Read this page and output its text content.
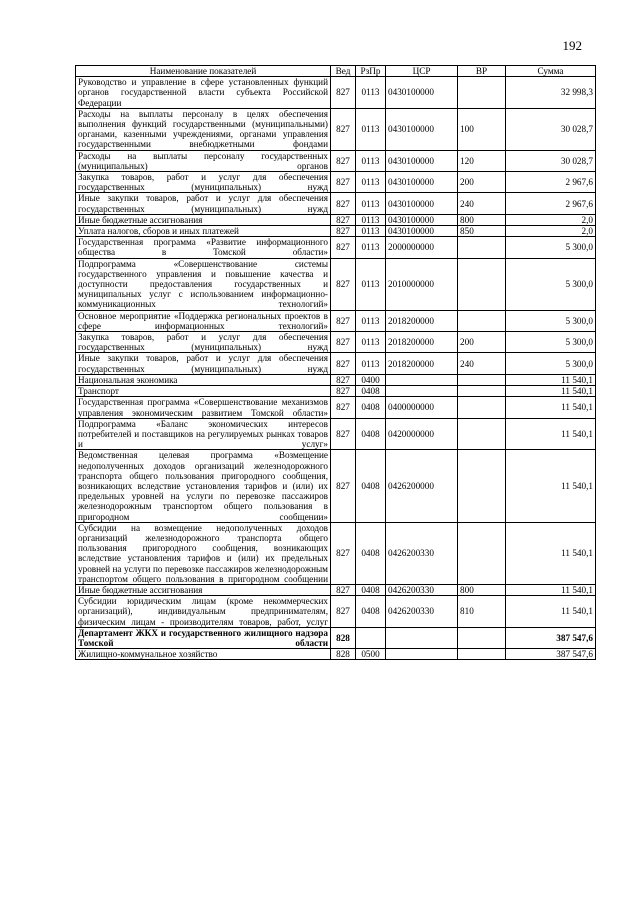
192
Наименование показателей	Вед	РзПр	ЦСР	ВР	Сумма
Руководство и управление в сфере установленных функций органов государственной власти субъекта Российской Федерации	827	0113	0430100000		32 998,3
Расходы на выплаты персоналу в целях обеспечения выполнения функций государственными (муниципальными) органами, казенными учреждениями, органами управления государственными внебюджетными фондами	827	0113	0430100000	100	30 028,7
Расходы на выплаты персоналу государственных (муниципальных) органов	827	0113	0430100000	120	30 028,7
Закупка товаров, работ и услуг для обеспечения государственных (муниципальных) нужд	827	0113	0430100000	200	2 967,6
Иные закупки товаров, работ и услуг для обеспечения государственных (муниципальных) нужд	827	0113	0430100000	240	2 967,6
Иные бюджетные ассигнования	827	0113	0430100000	800	2,0
Уплата налогов, сборов и иных платежей	827	0113	0430100000	850	2,0
Государственная программа «Развитие информационного общества в Томской области»	827	0113	2000000000		5 300,0
Подпрограмма «Совершенствование системы государственного управления и повышение качества и доступности предоставления государственных и муниципальных услуг с использованием информационно-коммуникационных технологий»	827	0113	2010000000		5 300,0
Основное мероприятие «Поддержка региональных проектов в сфере информационных технологий»	827	0113	2018200000		5 300,0
Закупка товаров, работ и услуг для обеспечения государственных (муниципальных) нужд	827	0113	2018200000	200	5 300,0
Иные закупки товаров, работ и услуг для обеспечения государственных (муниципальных) нужд	827	0113	2018200000	240	5 300,0
Национальная экономика	827	0400			11 540,1
Транспорт	827	0408			11 540,1
Государственная программа «Совершенствование механизмов управления экономическим развитием Томской области»	827	0408	0400000000		11 540,1
Подпрограмма «Баланс экономических интересов потребителей и поставщиков на регулируемых рынках товаров и услуг»	827	0408	0420000000		11 540,1
Ведомственная целевая программа «Возмещение недополученных доходов организаций железнодорожного транспорта общего пользования пригородного сообщения, возникающих вследствие установления тарифов и (или) их предельных уровней на услуги по перевозке пассажиров железнодорожным транспортом общего пользования в пригородном сообщении»	827	0408	0426200000		11 540,1
Субсидии на возмещение недополученных доходов организаций железнодорожного транспорта общего пользования пригородного сообщения, возникающих вследствие установления тарифов и (или) их предельных уровней на услуги по перевозке пассажиров железнодорожным транспортом общего пользования в пригородном сообщении	827	0408	0426200330		11 540,1
Иные бюджетные ассигнования	827	0408	0426200330	800	11 540,1
Субсидии юридическим лицам (кроме некоммерческих организаций), индивидуальным предпринимателям, физическим лицам - производителям товаров, работ, услуг	827	0408	0426200330	810	11 540,1
Департамент ЖКХ и государственного жилищного надзора Томской области	828				387 547,6
Жилищно-коммунальное хозяйство	828	0500			387 547,6
